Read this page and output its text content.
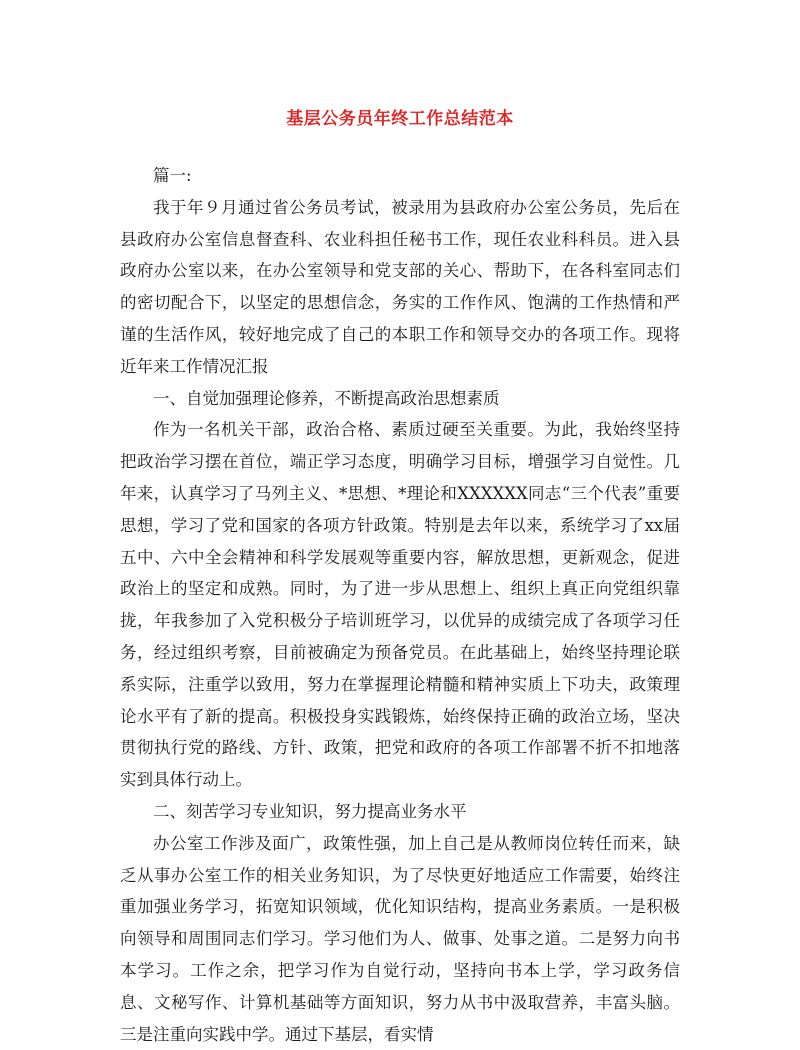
基层公务员年终工作总结范本

篇一:

我于年９月通过省公务员考试，被录用为县政府办公室公务员，先后在县政府办公室信息督查科、农业科担任秘书工作，现任农业科科员。进入县政府办公室以来，在办公室领导和党支部的关心、帮助下，在各科室同志们的密切配合下，以坚定的思想信念，务实的工作作风、饱满的工作热情和严谨的生活作风，较好地完成了自己的本职工作和领导交办的各项工作。现将近年来工作情况汇报

一、自觉加强理论修养，不断提高政治思想素质

作为一名机关干部，政治合格、素质过硬至关重要。为此，我始终坚持把政治学习摆在首位，端正学习态度，明确学习目标，增强学习自觉性。几年来，认真学习了马列主义、*思想、*理论和XXXXXX同志“三个代表”重要思想，学习了党和国家的各项方针政策。特别是去年以来，系统学习了xx届五中、六中全会精神和科学发展观等重要内容，解放思想，更新观念，促进政治上的坚定和成熟。同时，为了进一步从思想上、组织上真正向党组织靠拢，年我参加了入党积极分子培训班学习，以优异的成绩完成了各项学习任务，经过组织考察，目前被确定为预备党员。在此基础上，始终坚持理论联系实际，注重学以致用，努力在掌握理论精髓和精神实质上下功夫，政策理论水平有了新的提高。积极投身实践锻炼，始终保持正确的政治立场，坚决贯彻执行党的路线、方针、政策，把党和政府的各项工作部署不折不扣地落实到具体行动上。

二、刻苦学习专业知识，努力提高业务水平

办公室工作涉及面广，政策性强，加上自己是从教师岗位转任而来，缺乏从事办公室工作的相关业务知识，为了尽快更好地适应工作需要，始终注重加强业务学习，拓宽知识领域，优化知识结构，提高业务素质。一是积极向领导和周围同志们学习。学习他们为人、做事、处事之道。二是努力向书本学习。工作之余，把学习作为自觉行动，坚持向书本上学，学习政务信息、文秘写作、计算机基础等方面知识，努力从书中汲取营养，丰富头脑。三是注重向实践中学。通过下基层，看实情
